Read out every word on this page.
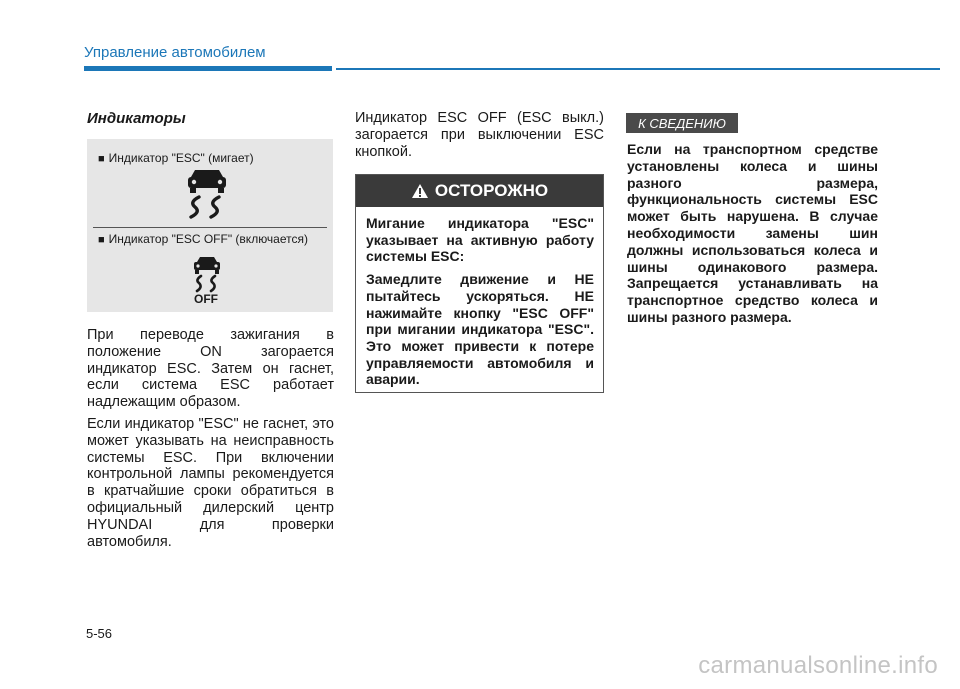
Управление автомобилем
Индикаторы
■ Индикатор "ESC" (мигает)
■ Индикатор "ESC OFF" (включается)
OFF

При переводе зажигания в положение ON загорается индикатор ESC. Затем он гаснет, если система ESC работает надлежащим образом.

Если индикатор "ESC" не гаснет, это может указывать на неисправность системы ESC. При включении контрольной лампы рекомендуется в кратчайшие сроки обратиться в официальный дилерский центр HYUNDAI для проверки автомобиля.

Индикатор ESC OFF (ESC выкл.) загорается при выключении ESC кнопкой.

ОСТОРОЖНО

Мигание индикатора "ESC" указывает на активную работу системы ESC:

Замедлите движение и НЕ пытайтесь ускоряться. НЕ нажимайте кнопку "ESC OFF" при мигании индикатора "ESC". Это может привести к потере управляемости автомобиля и аварии.

К СВЕДЕНИЮ

Если на транспортном средстве установлены колеса и шины разного размера, функциональность системы ESC может быть нарушена. В случае необходимости замены шин должны использоваться колеса и шины одинакового размера. Запрещается устанавливать на транспортное средство колеса и шины разного размера.

5-56
carmanualsonline.info
